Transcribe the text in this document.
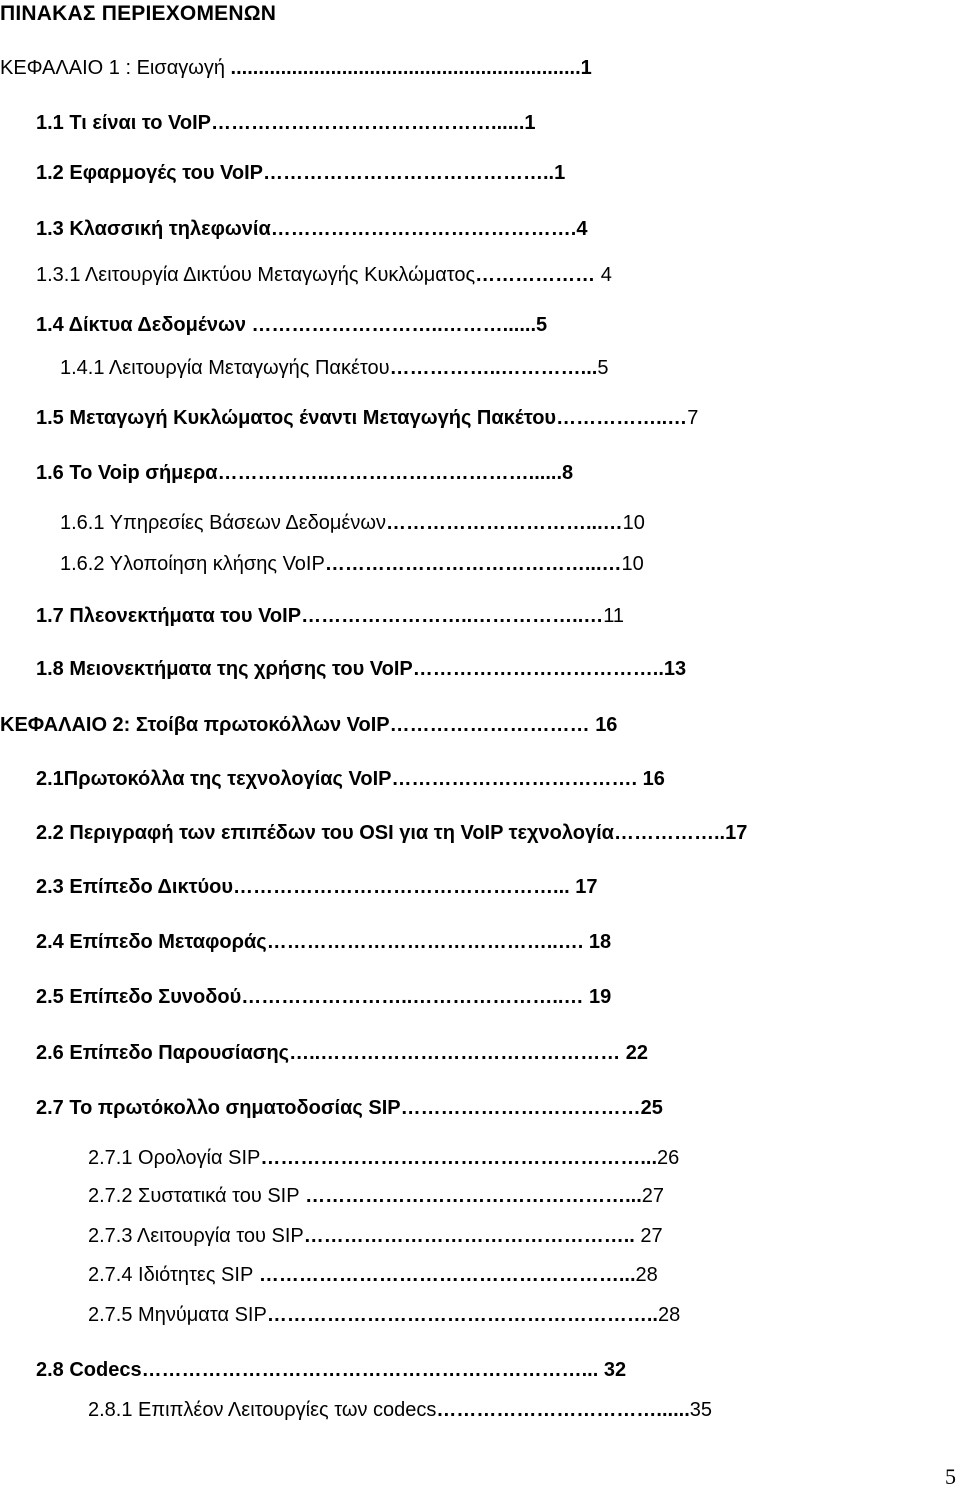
ΠΙΝΑΚΑΣ ΠΕΡΙΕΧΟΜΕΝΩΝ
ΚΕΦΑΛΑΙΟ 1 : Εισαγωγή ...............................................................1
1.1 Τι είναι το VoIP……………………………………......1
1.2 Εφαρμογές του VoIP……………………………………..1
1.3 Κλασσική τηλεφωνία……………………………………….4
1.3.1 Λειτουργία Δικτύου Μεταγωγής Κυκλώματος……………… 4
1.4 Δίκτυα Δεδομένων ………………………..………......5
1.4.1 Λειτουργία Μεταγωγής Πακέτου……………..…………...5
1.5 Μεταγωγή Κυκλώματος έναντι Μεταγωγής Πακέτου……………..…7
1.6 Το Voip σήμερα……………..…………………………......8
1.6.1 Υπηρεσίες Βάσεων Δεδομένων…………………………...…10
1.6.2 Υλοποίηση κλήσης VoIP…………………………………...…10
1.7 Πλεονεκτήματα του VoIP……………………..……………..…11
1.8 Μειονεκτήματα της χρήσης του VoIP………………………………..13
ΚΕΦΑΛΑΙΟ 2: Στοίβα πρωτοκόλλων VoIP………………………… 16
2.1Πρωτοκόλλα της τεχνολογίας VoIP………………………………. 16
2.2 Περιγραφή των επιπέδων του OSI για τη VoIP τεχνολογία……………..17
2.3 Επίπεδο Δικτύου…………………………………………... 17
2.4 Επίπεδο Μεταφοράς……………………………………..…. 18
2.5 Επίπεδο Συνοδού……………………..…………………..… 19
2.6 Επίπεδο Παρουσίασης…..……………………………………… 22
2.7 Το πρωτόκολλο σηματοδοσίας SIP………………………………25
2.7.1 Ορολογία SIP…………………………………………………...26
2.7.2 Συστατικά του SIP …………………………………………...27
2.7.3 Λειτουργία του SIP………………………………………….. 27
2.7.4 Ιδιότητες SIP ………………………………………………...28
2.7.5 Μηνύματα SIP…………………………………………………..28
2.8 Codecs…………………………………………………………... 32
2.8.1 Επιπλέον Λειτουργίες των codecs……………………………......35
5
